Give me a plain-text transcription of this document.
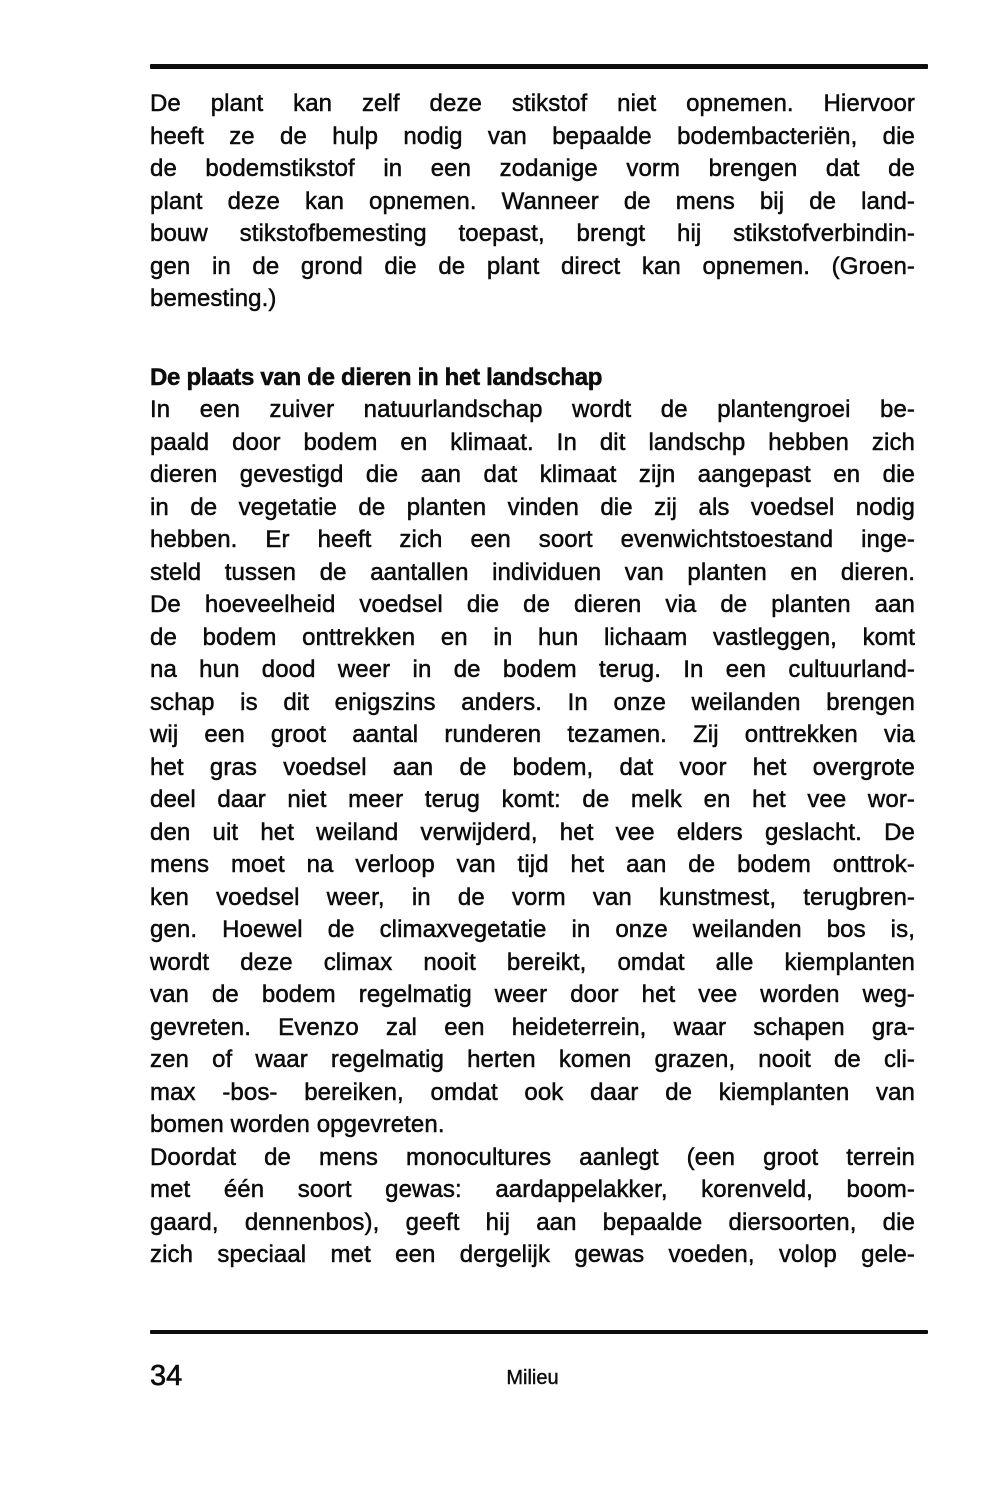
De plant kan zelf deze stikstof niet opnemen. Hiervoor
heeft ze de hulp nodig van bepaalde bodembacteriën, die
de bodemstikstof in een zodanige vorm brengen dat de
plant deze kan opnemen. Wanneer de mens bij de land-
bouw stikstofbemesting toepast, brengt hij stikstofverbindin-
gen in de grond die de plant direct kan opnemen. (Groen-
bemesting.)
De plaats van de dieren in het landschap
In een zuiver natuurlandschap wordt de plantengroei be-
paald door bodem en klimaat. In dit landschp hebben zich
dieren gevestigd die aan dat klimaat zijn aangepast en die
in de vegetatie de planten vinden die zij als voedsel nodig
hebben. Er heeft zich een soort evenwichtstoestand inge-
steld tussen de aantallen individuen van planten en dieren.
De hoeveelheid voedsel die de dieren via de planten aan
de bodem onttrekken en in hun lichaam vastleggen, komt
na hun dood weer in de bodem terug. In een cultuurland-
schap is dit enigszins anders. In onze weilanden brengen
wij een groot aantal runderen tezamen. Zij onttrekken via
het gras voedsel aan de bodem, dat voor het overgrote
deel daar niet meer terug komt: de melk en het vee wor-
den uit het weiland verwijderd, het vee elders geslacht. De
mens moet na verloop van tijd het aan de bodem onttrok-
ken voedsel weer, in de vorm van kunstmest, terugbren-
gen. Hoewel de climaxvegetatie in onze weilanden bos is,
wordt deze climax nooit bereikt, omdat alle kiemplanten
van de bodem regelmatig weer door het vee worden weg-
gevreten. Evenzo zal een heideterrein, waar schapen gra-
zen of waar regelmatig herten komen grazen, nooit de cli-
max -bos- bereiken, omdat ook daar de kiemplanten van
bomen worden opgevreten.
Doordat de mens monocultures aanlegt (een groot terrein
met één soort gewas: aardappelakker, korenveld, boom-
gaard, dennenbos), geeft hij aan bepaalde diersoorten, die
zich speciaal met een dergelijk gewas voeden, volop gele-
34	Milieu
